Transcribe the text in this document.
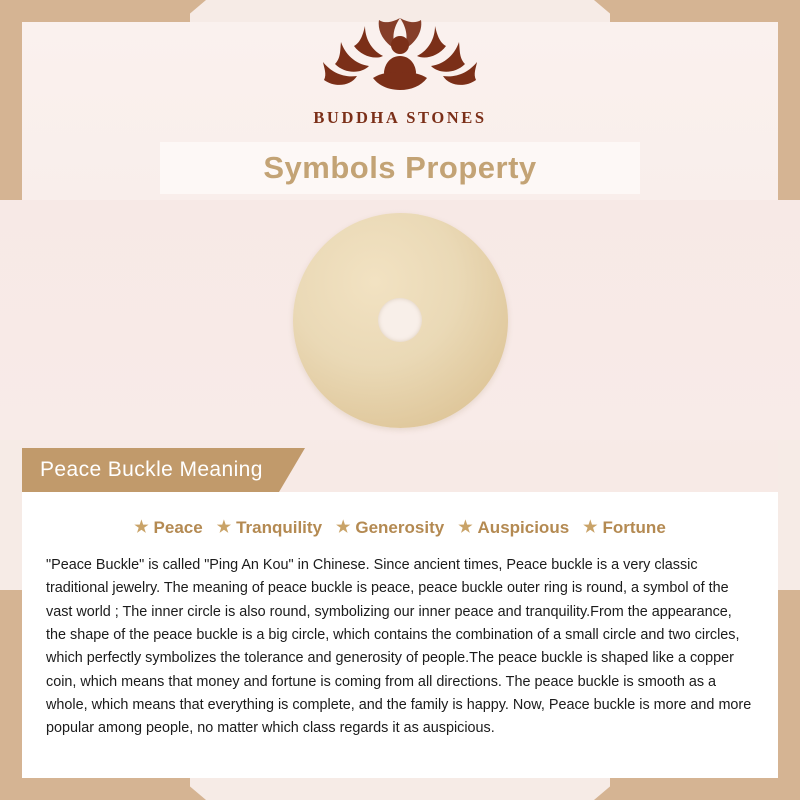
BUDDHA STONES
Symbols Property
Peace Buckle Meaning
★ Peace ★ Tranquility ★ Generosity ★ Auspicious ★ Fortune

"Peace Buckle" is called "Ping An Kou" in Chinese. Since ancient times, Peace buckle is a very classic traditional jewelry. The meaning of peace buckle is peace, peace buckle outer ring is round, a symbol of the vast world ; The inner circle is also round, symbolizing our inner peace and tranquility.From the appearance, the shape of the peace buckle is a big circle, which contains the combination of a small circle and two circles, which perfectly symbolizes the tolerance and generosity of people.The peace buckle is shaped like a copper coin, which means that money and fortune is coming from all directions. The peace buckle is smooth as a whole, which means that everything is complete, and the family is happy. Now, Peace buckle is more and more popular among people, no matter which class regards it as auspicious.
